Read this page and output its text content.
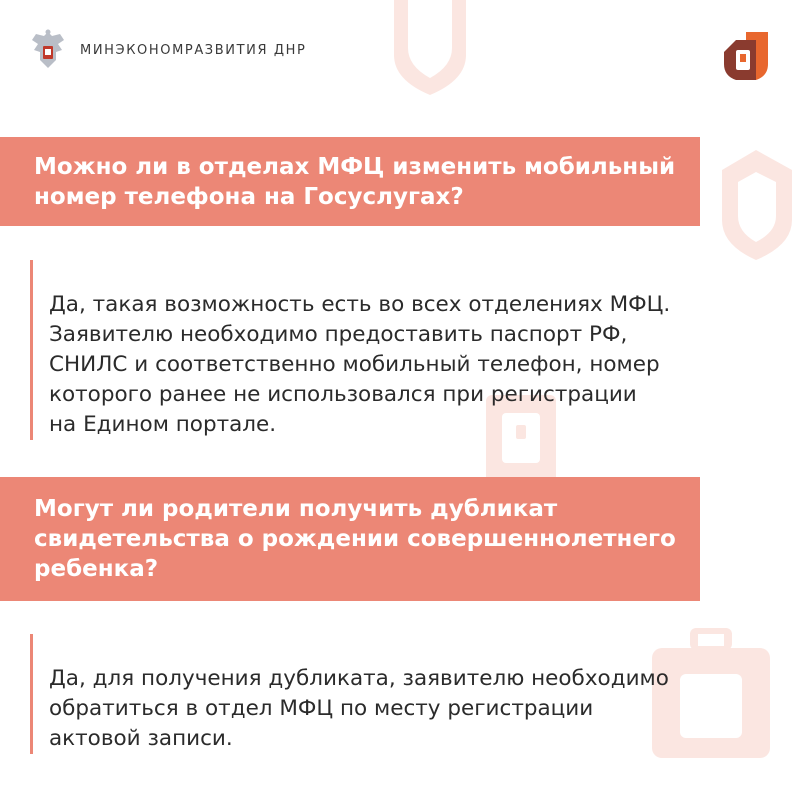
МИНЭКОНОМРАЗВИТИЯ ДНР
Можно ли в отделах МФЦ изменить мобильный
номер телефона на Госуслугах?

Да, такая возможность есть во всех отделениях МФЦ.
Заявителю необходимо предоставить паспорт РФ,
СНИЛС и соответственно мобильный телефон, номер
которого ранее не использовался при регистрации
на Едином портале.

Могут ли родители получить дубликат
свидетельства о рождении совершеннолетнего
ребенка?

Да, для получения дубликата, заявителю необходимо
обратиться в отдел МФЦ по месту регистрации
актовой записи.
